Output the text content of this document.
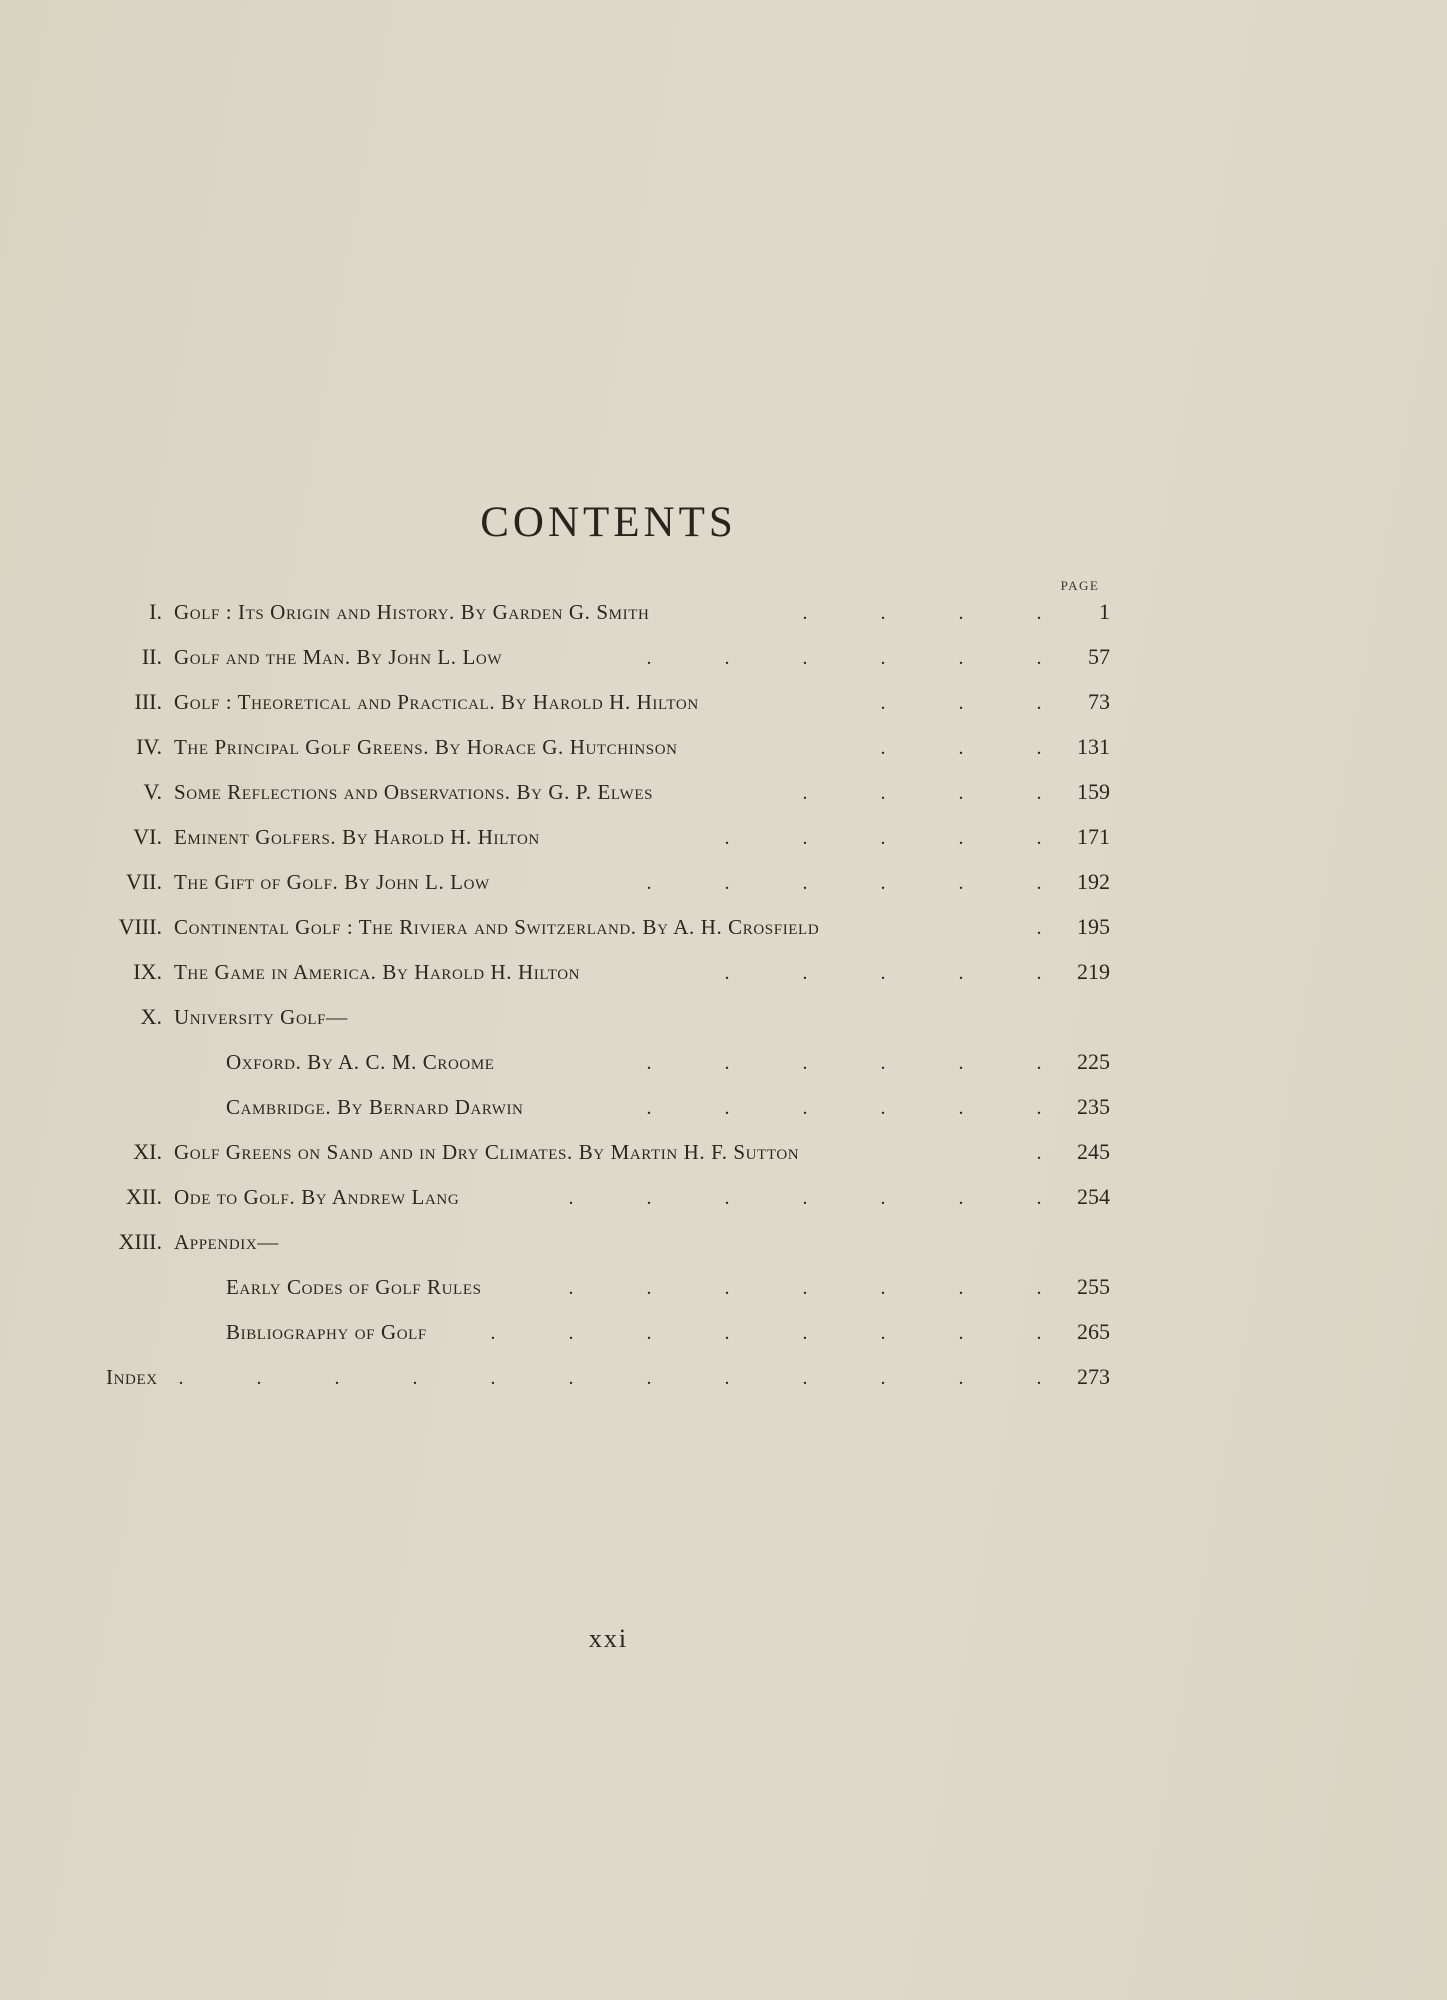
CONTENTS
PAGE
I. Golf : Its Origin and History. By Garden G. Smith	.	.	.	.	1
II. Golf and the Man. By John L. Low	.	.	.	.	.	.	57
III. Golf : Theoretical and Practical. By Harold H. Hilton	.	.	.	73
IV. The Principal Golf Greens. By Horace G. Hutchinson	.	.	.	131
V. Some Reflections and Observations. By G. P. Elwes	.	.	.	.	159
VI. Eminent Golfers. By Harold H. Hilton	.	.	.	.	.	171
VII. The Gift of Golf. By John L. Low	.	.	.	.	.	.	192
VIII. Continental Golf : The Riviera and Switzerland. By A. H. Crosfield	.	195
IX. The Game in America. By Harold H. Hilton	.	.	.	.	.	219
X. University Golf—
Oxford. By A. C. M. Croome	.	.	.	.	.	.	225
Cambridge. By Bernard Darwin	.	.	.	.	.	.	235
XI. Golf Greens on Sand and in Dry Climates. By Martin H. F. Sutton	.	245
XII. Ode to Golf. By Andrew Lang	.	.	.	.	.	.	.	254
XIII. Appendix—
Early Codes of Golf Rules	.	.	.	.	.	.	.	255
Bibliography of Golf	.	.	.	.	.	.	.	.	265
Index	.	.	.	.	.	.	.	.	.	.	.	.	273
xxi
